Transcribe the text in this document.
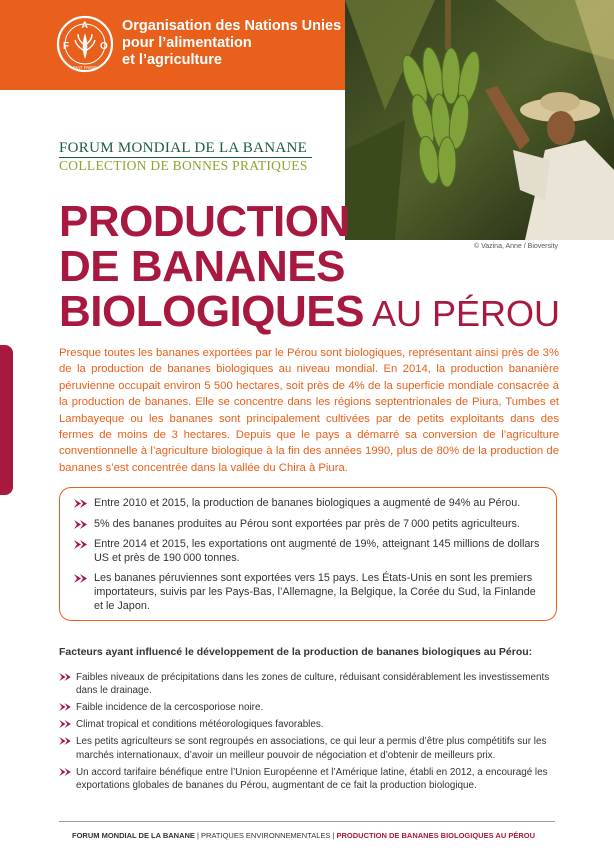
F	O
A
FIAT PANIS
Organisation des Nations Unies
pour l’alimentation
et l’agriculture
© Vazina, Anne / Bioversity
FORUM MONDIAL DE LA BANANE
COLLECTION DE BONNES PRATIQUES
PRODUCTION
DE BANANES
BIOLOGIQUES AU PÉROU

Presque toutes les bananes exportées par le Pérou sont biologiques, représentant ainsi près de 3% de la production de bananes biologiques au niveau mondial. En 2014, la production bananière péruvienne occupait environ 5 500 hectares, soit près de 4% de la superficie mondiale consacrée à la production de bananes. Elle se concentre dans les régions septentrionales de Piura, Tumbes et Lambayeque ou les bananes sont principalement cultivées par de petits exploitants dans des fermes de moins de 3 hectares. Depuis que le pays a démarré sa conversion de l’agriculture conventionnelle à l’agriculture biologique à la fin des années 1990, plus de 80% de la production de bananes s’est concentrée dans la vallée du Chira à Piura.

Entre 2010 et 2015, la production de bananes biologiques a augmenté de 94% au Pérou.
5% des bananes produites au Pérou sont exportées par près de 7 000 petits agriculteurs.
Entre 2014 et 2015, les exportations ont augmenté de 19%, atteignant 145 millions de dollars US et près de 190 000 tonnes.
Les bananes péruviennes sont exportées vers 15 pays. Les États-Unis en sont les premiers importateurs, suivis par les Pays-Bas, l’Allemagne, la Belgique, la Corée du Sud, la Finlande et le Japon.
Facteurs ayant influencé le développement de la production de bananes biologiques au Pérou:
Faibles niveaux de précipitations dans les zones de culture, réduisant considérablement les investissements dans le drainage.
Faible incidence de la cercosporiose noire.
Climat tropical et conditions météorologiques favorables.
Les petits agriculteurs se sont regroupés en associations, ce qui leur a permis d’être plus compétitifs sur les marchés internationaux, d’avoir un meilleur pouvoir de négociation et d’obtenir de meilleurs prix.
Un accord tarifaire bénéfique entre l’Union Européenne et l’Amérique latine, établi en 2012, a encouragé les exportations globales de bananes du Pérou, augmentant de ce fait la production biologique.
FORUM MONDIAL DE LA BANANE | PRATIQUES ENVIRONNEMENTALES | PRODUCTION DE BANANES BIOLOGIQUES AU PÉROU
